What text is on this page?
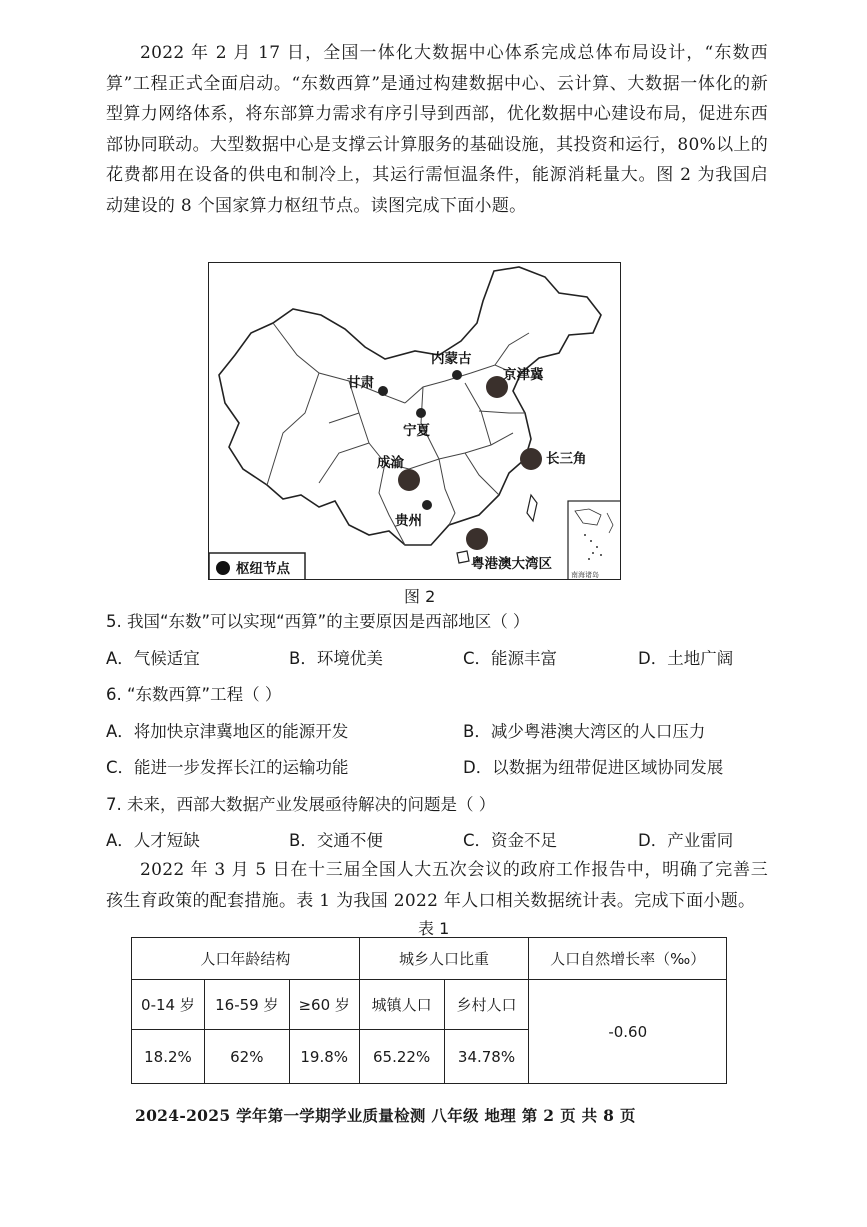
2022 年 2 月 17 日，全国一体化大数据中心体系完成总体布局设计，“东数西算”工程正式全面启动。“东数西算”是通过构建数据中心、云计算、大数据一体化的新型算力网络体系，将东部算力需求有序引导到西部，优化数据中心建设布局，促进东西部协同联动。大型数据中心是支撑云计算服务的基础设施，其投资和运行，80%以上的花费都用在设备的供电和制冷上，其运行需恒温条件，能源消耗量大。图 2 为我国启动建设的 8 个国家算力枢纽节点。读图完成下面小题。

内蒙古
京津冀
甘肃
宁夏
成渝	长三角
贵州
粤港澳大湾区
枢纽节点	南海诸岛
图 2
5. 我国“东数”可以实现“西算”的主要原因是西部地区（ ）
A．气候适宜	B．环境优美	C．能源丰富	D．土地广阔
6. “东数西算”工程（ ）
A．将加快京津冀地区的能源开发	B．减少粤港澳大湾区的人口压力
C．能进一步发挥长江的运输功能	D．以数据为纽带促进区域协同发展
7. 未来，西部大数据产业发展亟待解决的问题是（ ）
A．人才短缺	B．交通不便	C．资金不足	D．产业雷同

2022 年 3 月 5 日在十三届全国人大五次会议的政府工作报告中，明确了完善三孩生育政策的配套措施。表 1 为我国 2022 年人口相关数据统计表。完成下面小题。

表 1
人口年龄结构			城乡人口比重		人口自然增长率（‰）
0-14 岁	16-59 岁	≥60 岁	城镇人口	乡村人口	-0.60
18.2%	62%	19.8%	65.22%	34.78%	
2024-2025 学年第一学期学业质量检测 八年级 地理 第 2 页 共 8 页
